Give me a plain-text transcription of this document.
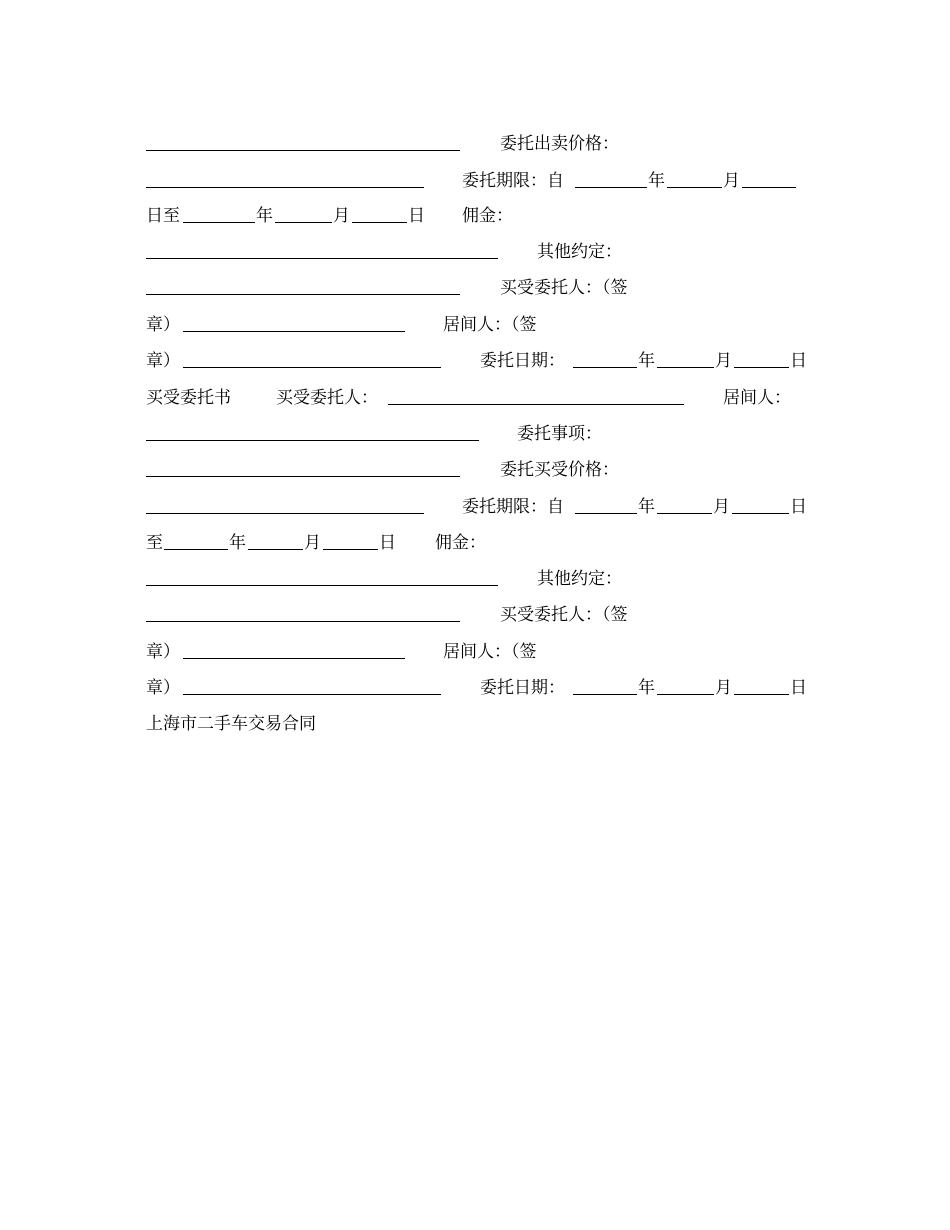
委托出卖价格：
委托期限：自	年	月
日至	年	月	日 佣金：
其他约定：
买受委托人：（签
章）	居间人：（签
章）	委托日期：	年	月	日
买受委托书	买受委托人：	居间人：
委托事项：
委托买受价格：
委托期限：自	年	月	日
至	年	月	日 佣金：
其他约定：
买受委托人：（签
章）	居间人：（签
章）	委托日期：	年	月	日
上海市二手车交易合同
